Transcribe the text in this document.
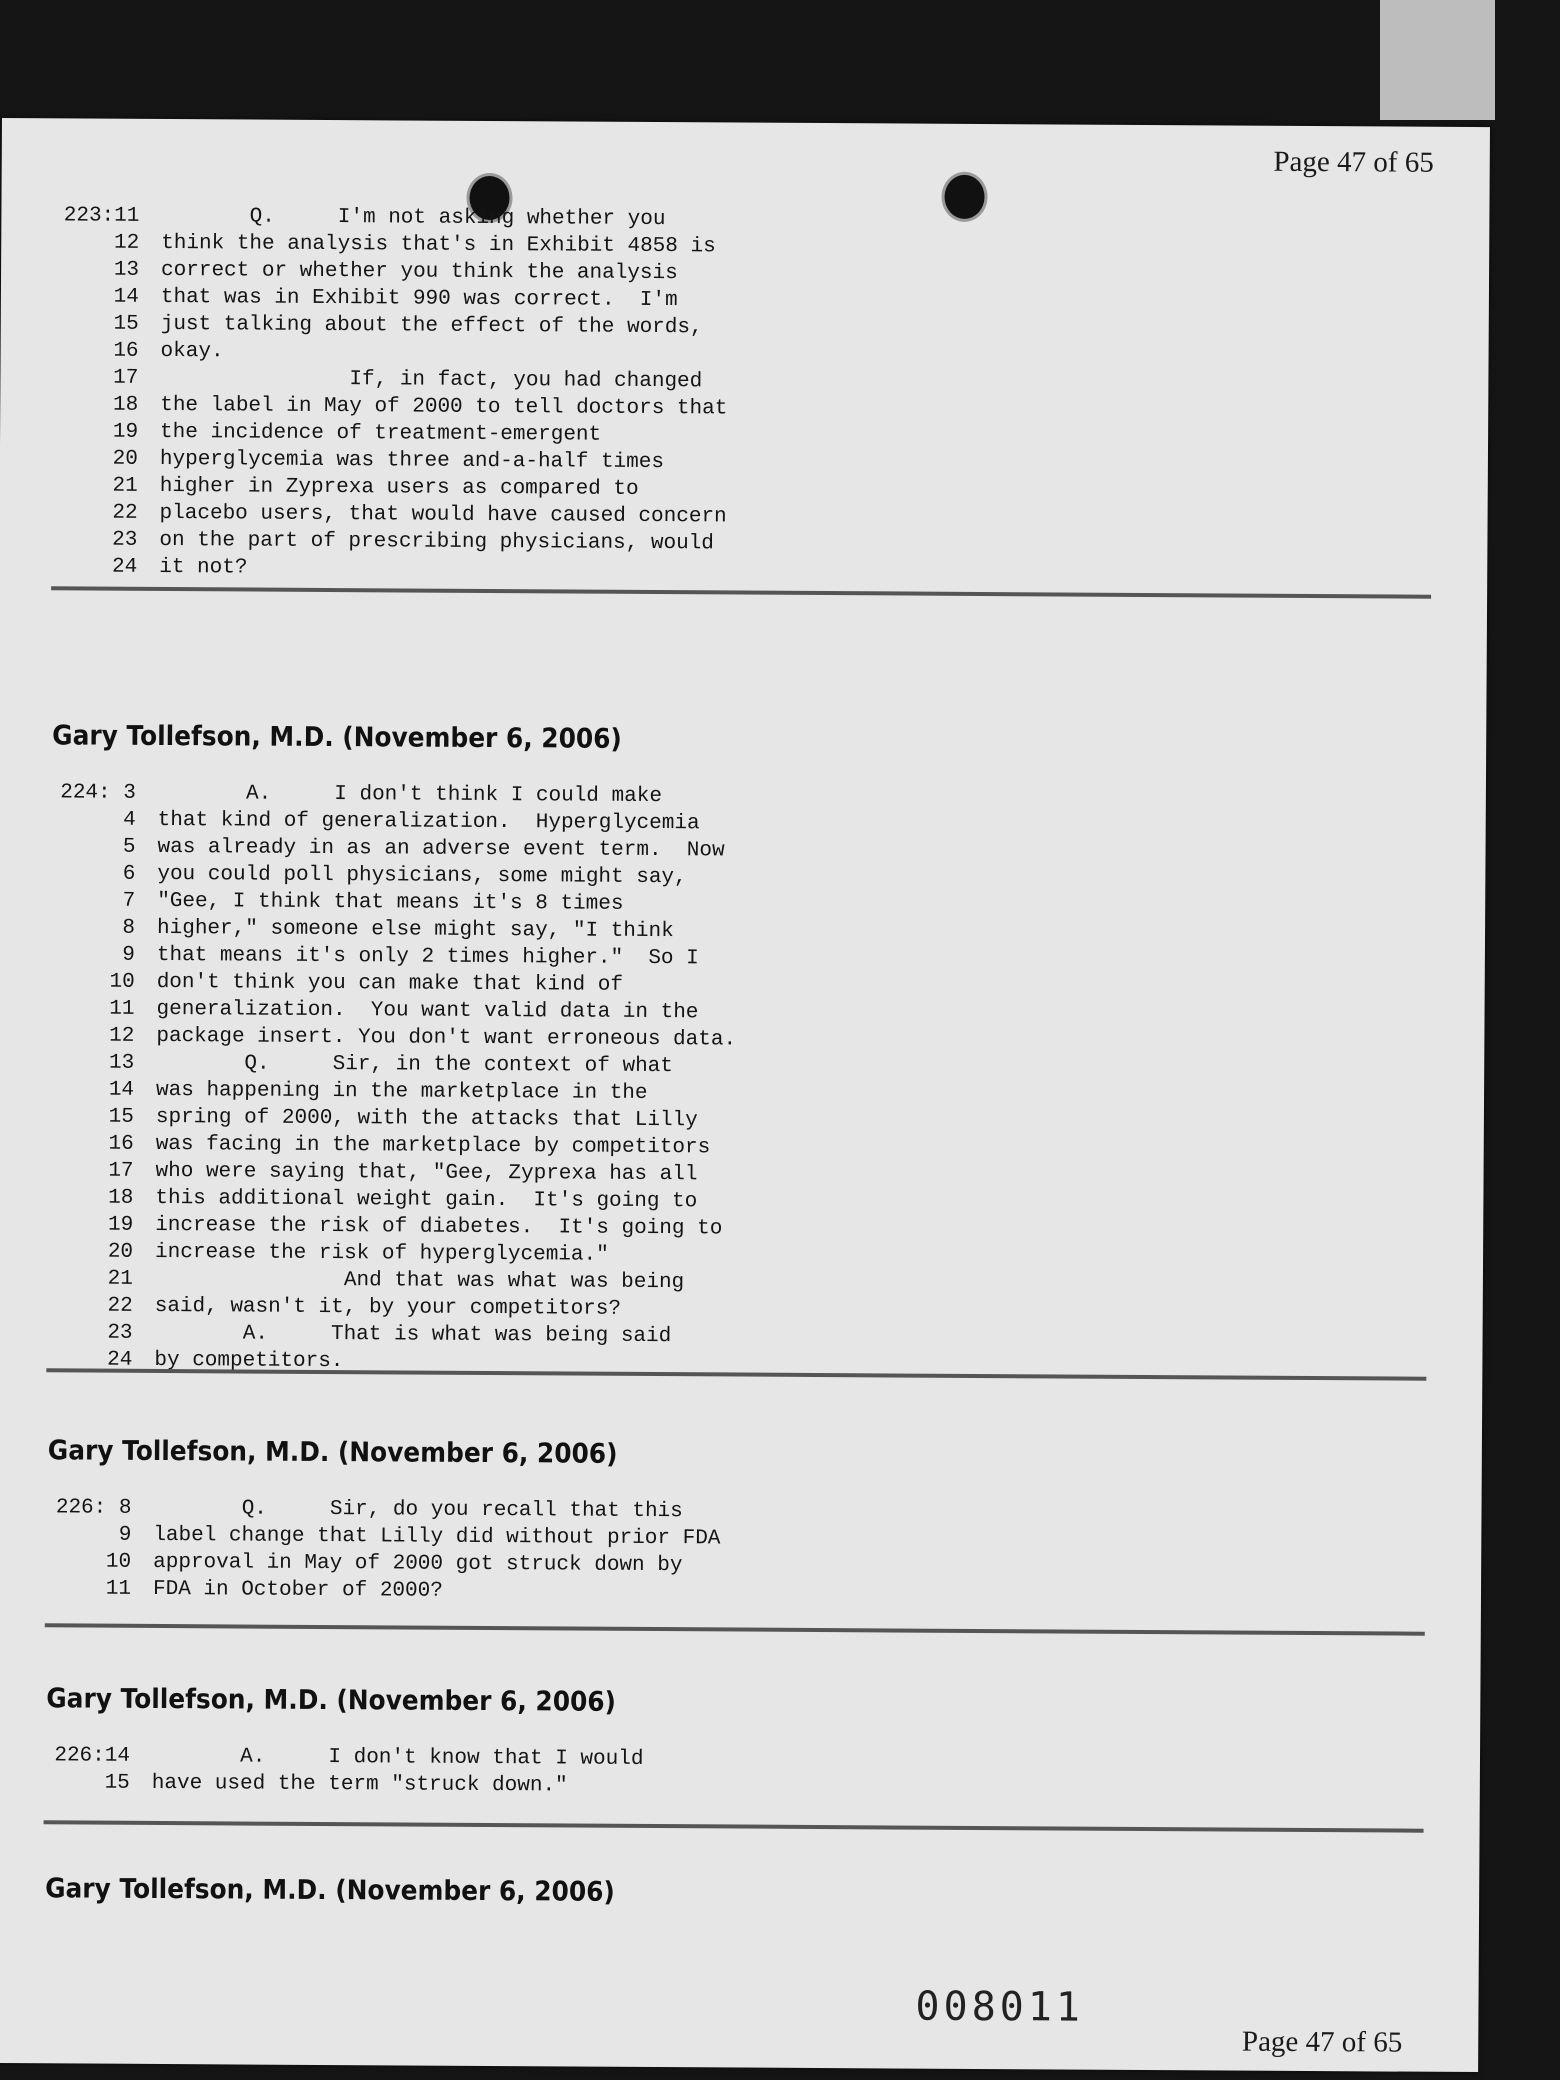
Page 47 of 65
223:11	Q.     I'm not asking whether you
12	think the analysis that's in Exhibit 4858 is
13	correct or whether you think the analysis
14	that was in Exhibit 990 was correct.  I'm
15	just talking about the effect of the words,
16	okay.
17	If, in fact, you had changed
18	the label in May of 2000 to tell doctors that
19	the incidence of treatment-emergent
20	hyperglycemia was three and-a-half times
21	higher in Zyprexa users as compared to
22	placebo users, that would have caused concern
23	on the part of prescribing physicians, would
24	it not?
Gary Tollefson, M.D. (November 6, 2006)
224: 3	A.     I don't think I could make
4	that kind of generalization.  Hyperglycemia
5	was already in as an adverse event term.  Now
6	you could poll physicians, some might say,
7	"Gee, I think that means it's 8 times
8	higher," someone else might say, "I think
9	that means it's only 2 times higher."  So I
10	don't think you can make that kind of
11	generalization.  You want valid data in the
12	package insert. You don't want erroneous data.
13	Q.     Sir, in the context of what
14	was happening in the marketplace in the
15	spring of 2000, with the attacks that Lilly
16	was facing in the marketplace by competitors
17	who were saying that, "Gee, Zyprexa has all
18	this additional weight gain.  It's going to
19	increase the risk of diabetes.  It's going to
20	increase the risk of hyperglycemia."
21	And that was what was being
22	said, wasn't it, by your competitors?
23	A.     That is what was being said
24	by competitors.
Gary Tollefson, M.D. (November 6, 2006)
226: 8	Q.     Sir, do you recall that this
9	label change that Lilly did without prior FDA
10	approval in May of 2000 got struck down by
11	FDA in October of 2000?
Gary Tollefson, M.D. (November 6, 2006)
226:14	A.     I don't know that I would
15	have used the term "struck down."
Gary Tollefson, M.D. (November 6, 2006)
008011
Page 47 of 65
